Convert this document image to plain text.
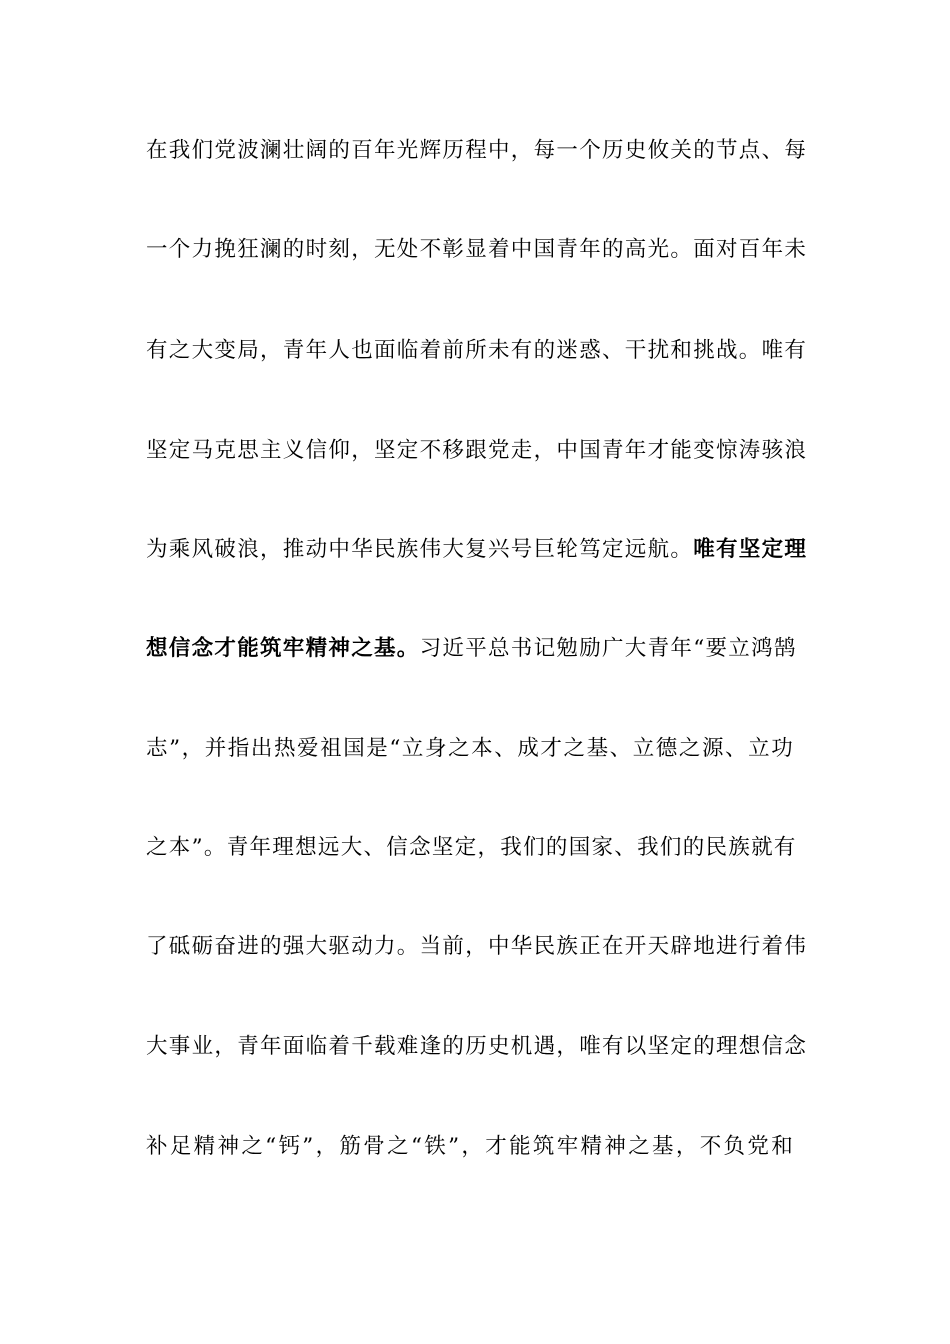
在我们党波澜壮阔的百年光辉历程中，每一个历史攸关的节点、每
一个力挽狂澜的时刻，无处不彰显着中国青年的高光。面对百年未
有之大变局，青年人也面临着前所未有的迷惑、干扰和挑战。唯有
坚定马克思主义信仰，坚定不移跟党走，中国青年才能变惊涛骇浪
为乘风破浪，推动中华民族伟大复兴号巨轮笃定远航。唯有坚定理
想信念才能筑牢精神之基。习近平总书记勉励广大青年“要立鸿鹄
志”，并指出热爱祖国是“立身之本、成才之基、立德之源、立功
之本”。青年理想远大、信念坚定，我们的国家、我们的民族就有
了砥砺奋进的强大驱动力。当前，中华民族正在开天辟地进行着伟
大事业，青年面临着千载难逢的历史机遇，唯有以坚定的理想信念
补足精神之“钙”，筋骨之“铁”，才能筑牢精神之基，不负党和
